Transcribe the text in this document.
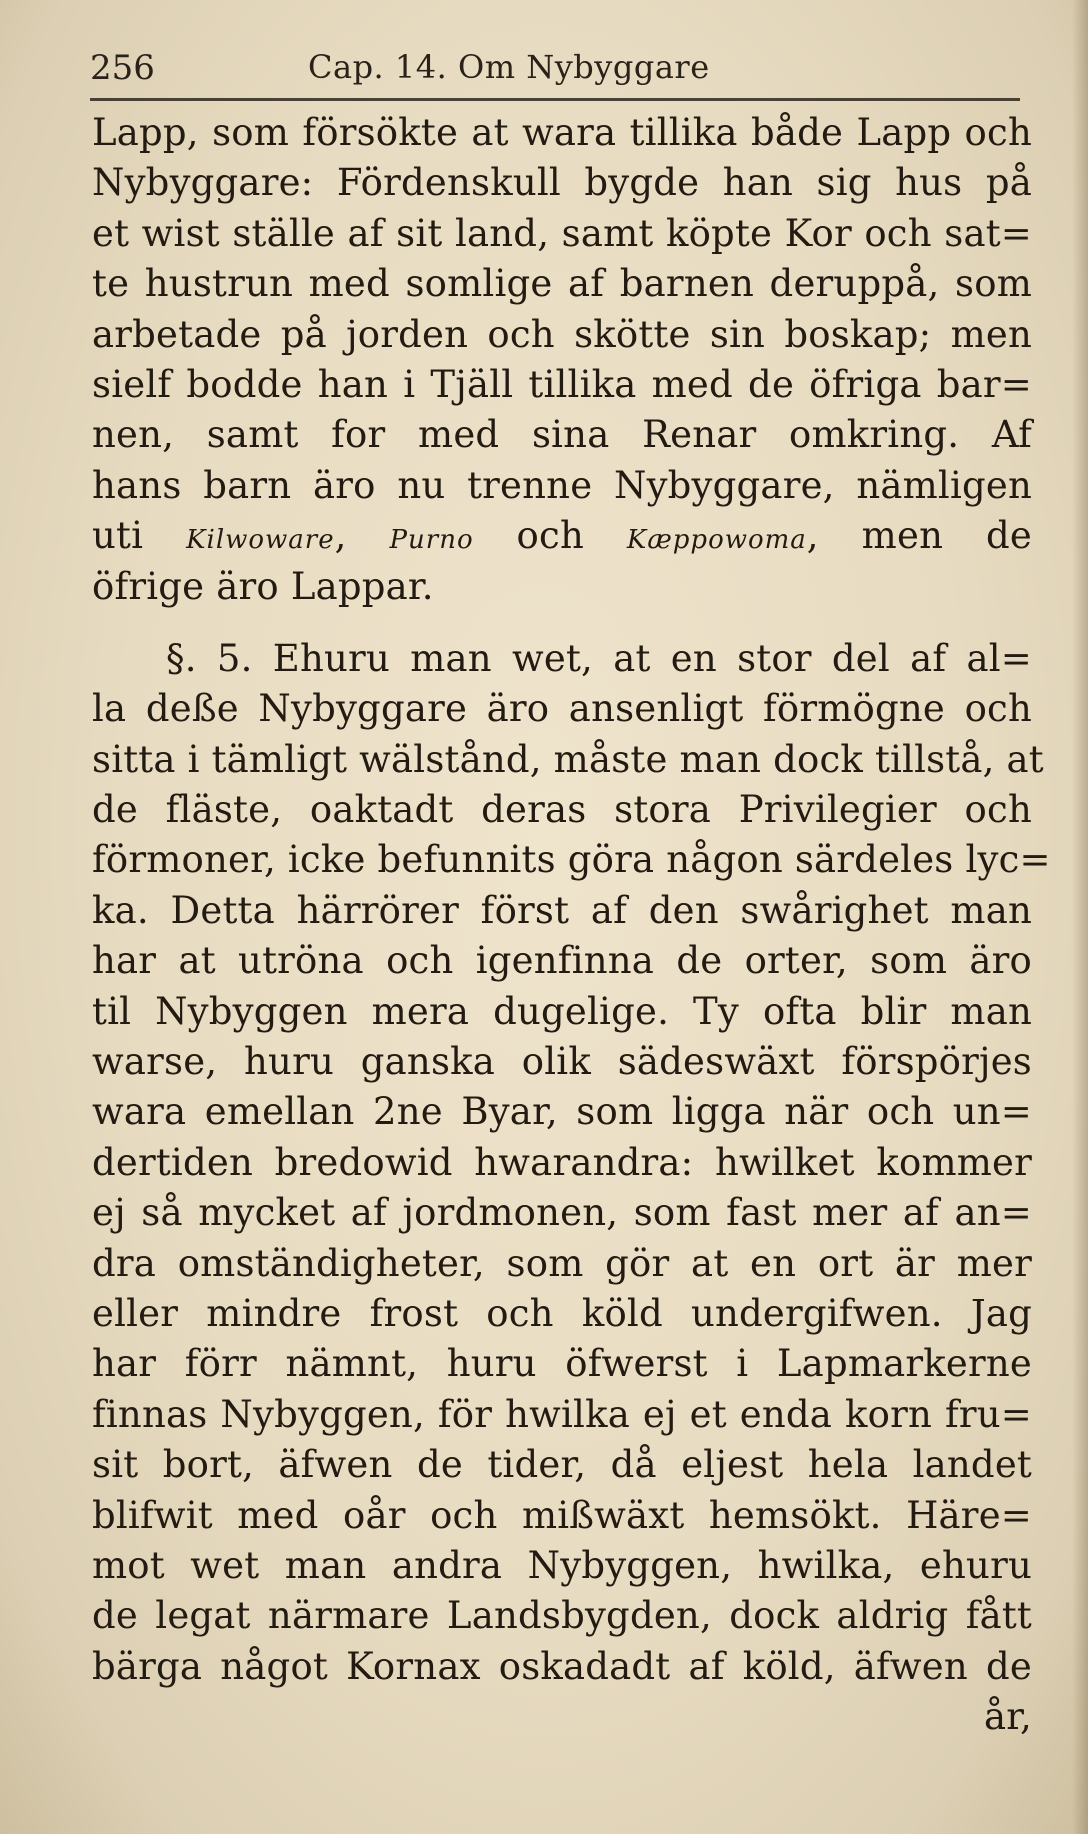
256	Cap. 14. Om Nybyggare
Lapp, som försökte at wara tillika både Lapp och
Nybyggare: Fördenskull bygde han sig hus på
et wist ställe af sit land, samt köpte Kor och sat=
te hustrun med somlige af barnen deruppå, som
arbetade på jorden och skötte sin boskap; men
sielf bodde han i Tjäll tillika med de öfriga bar=
nen, samt for med sina Renar omkring. Af
hans barn äro nu trenne Nybyggare, nämligen
uti Kilwoware, Purno och Kæppowoma, men de
öfrige äro Lappar.
§. 5. Ehuru man wet, at en stor del af al=
la deße Nybyggare äro ansenligt förmögne och
sitta i tämligt wälstånd, måste man dock tillstå, at
de fläste, oaktadt deras stora Privilegier och
förmoner, icke befunnits göra någon särdeles lyc=
ka. Detta härrörer först af den swårighet man
har at utröna och igenfinna de orter, som äro
til Nybyggen mera dugelige. Ty ofta blir man
warse, huru ganska olik sädeswäxt förspörjes
wara emellan 2ne Byar, som ligga när och un=
dertiden bredowid hwarandra: hwilket kommer
ej så mycket af jordmonen, som fast mer af an=
dra omständigheter, som gör at en ort är mer
eller mindre frost och köld undergifwen. Jag
har förr nämnt, huru öfwerst i Lapmarkerne
finnas Nybyggen, för hwilka ej et enda korn fru=
sit bort, äfwen de tider, då eljest hela landet
blifwit med oår och mißwäxt hemsökt. Häre=
mot wet man andra Nybyggen, hwilka, ehuru
de legat närmare Landsbygden, dock aldrig fått
bärga något Kornax oskadadt af köld, äfwen de
år,
